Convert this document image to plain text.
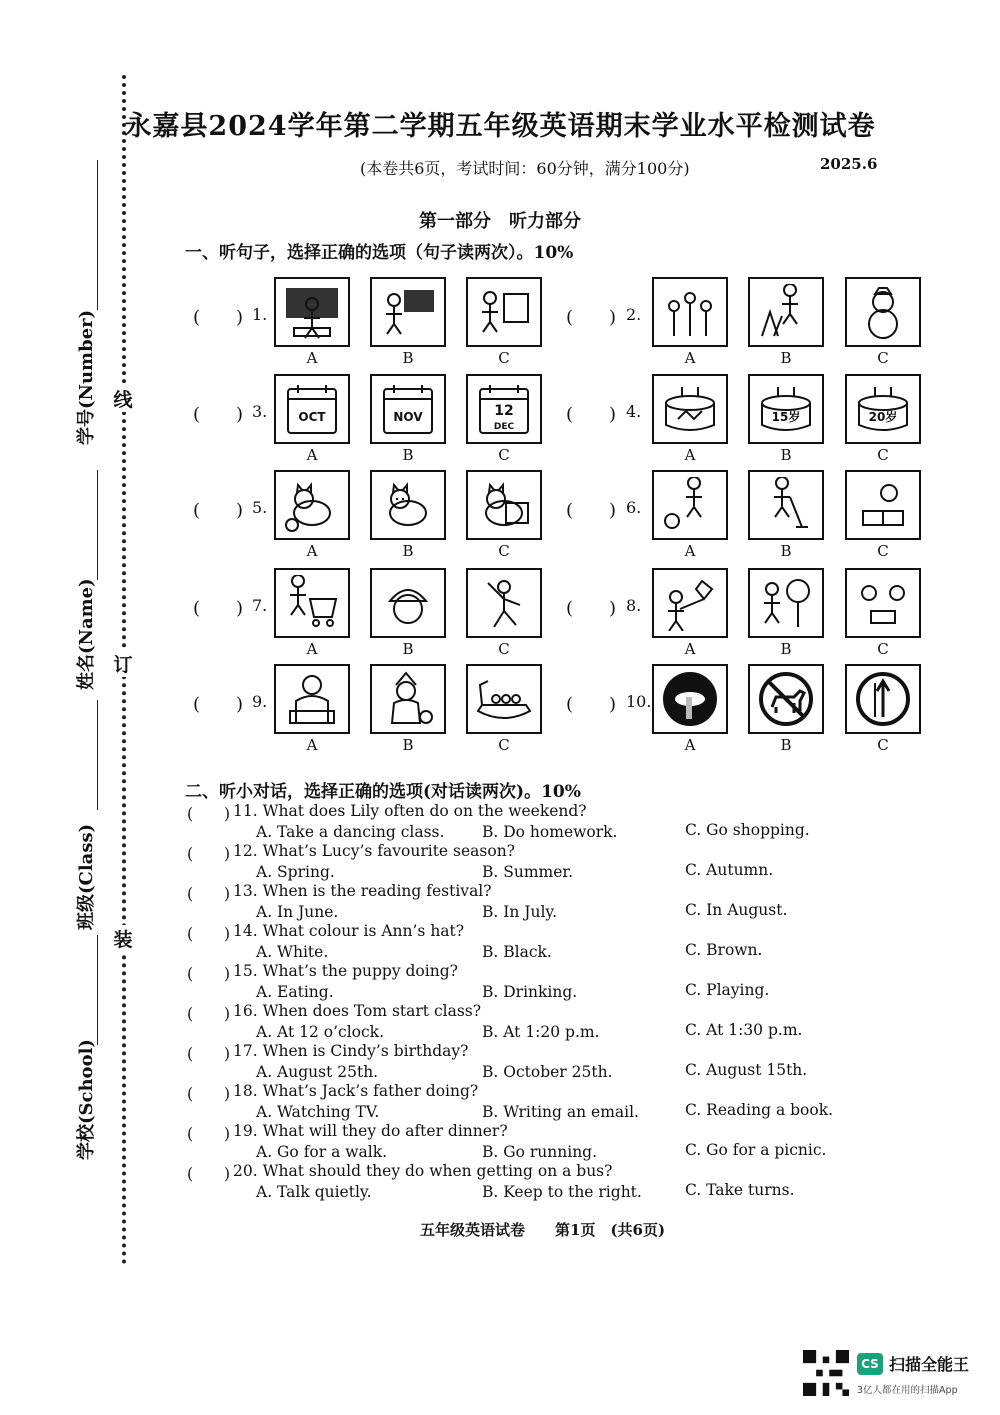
永嘉县2024学年第二学期五年级英语期末学业水平检测试卷
(本卷共6页，考试时间：60分钟，满分100分)	2025.6
第一部分　听力部分
线
订
装
学号(Number)
姓名(Name)
班级(Class)
学校(School)
一、听句子，选择正确的选项（句子读两次）。10%
(　　) 1.
A	B	C
(　　) 2.
A	B	C
(　　) 3.	OCT
A
NOV
B
12
DEC
C
(　　) 4.
A
15岁
B
20岁
C
(　　) 5.
A	B	C
(　　) 6.
A	B	C
(　　) 7.
A	B	C
(　　) 8.
A	B	C
(　　) 9.
A	B	C
(　　) 10.
A	B	C
二、听小对话，选择正确的选项(对话读两次)。10%
(　　) 11. What does Lily often do on the weekend?
A. Take a dancing class. B. Do homework.	C. Go shopping.
(　　) 12. What’s Lucy’s favourite season?
A. Spring.	B. Summer.	C. Autumn.
(　　) 13. When is the reading festival?
A. In June.	B. In July.	C. In August.
(　　) 14. What colour is Ann’s hat?
A. White.	B. Black.	C. Brown.
(　　) 15. What’s the puppy doing?
A. Eating.	B. Drinking.	C. Playing.
(　　) 16. When does Tom start class?
A. At 12 o’clock.	B. At 1:20 p.m.	C. At 1:30 p.m.
(　　) 17. When is Cindy’s birthday?
A. August 25th.	B. October 25th.	C. August 15th.
(　　) 18. What’s Jack’s father doing?
A. Watching TV.	B. Writing an email.	C. Reading a book.
(　　) 19. What will they do after dinner?
A. Go for a walk.	B. Go running.	C. Go for a picnic.
(　　) 20. What should they do when getting on a bus?
A. Talk quietly.	B. Keep to the right.	C. Take turns.
五年级英语试卷　　第1页　(共6页)
CS 扫描全能王
3亿人都在用的扫描App
